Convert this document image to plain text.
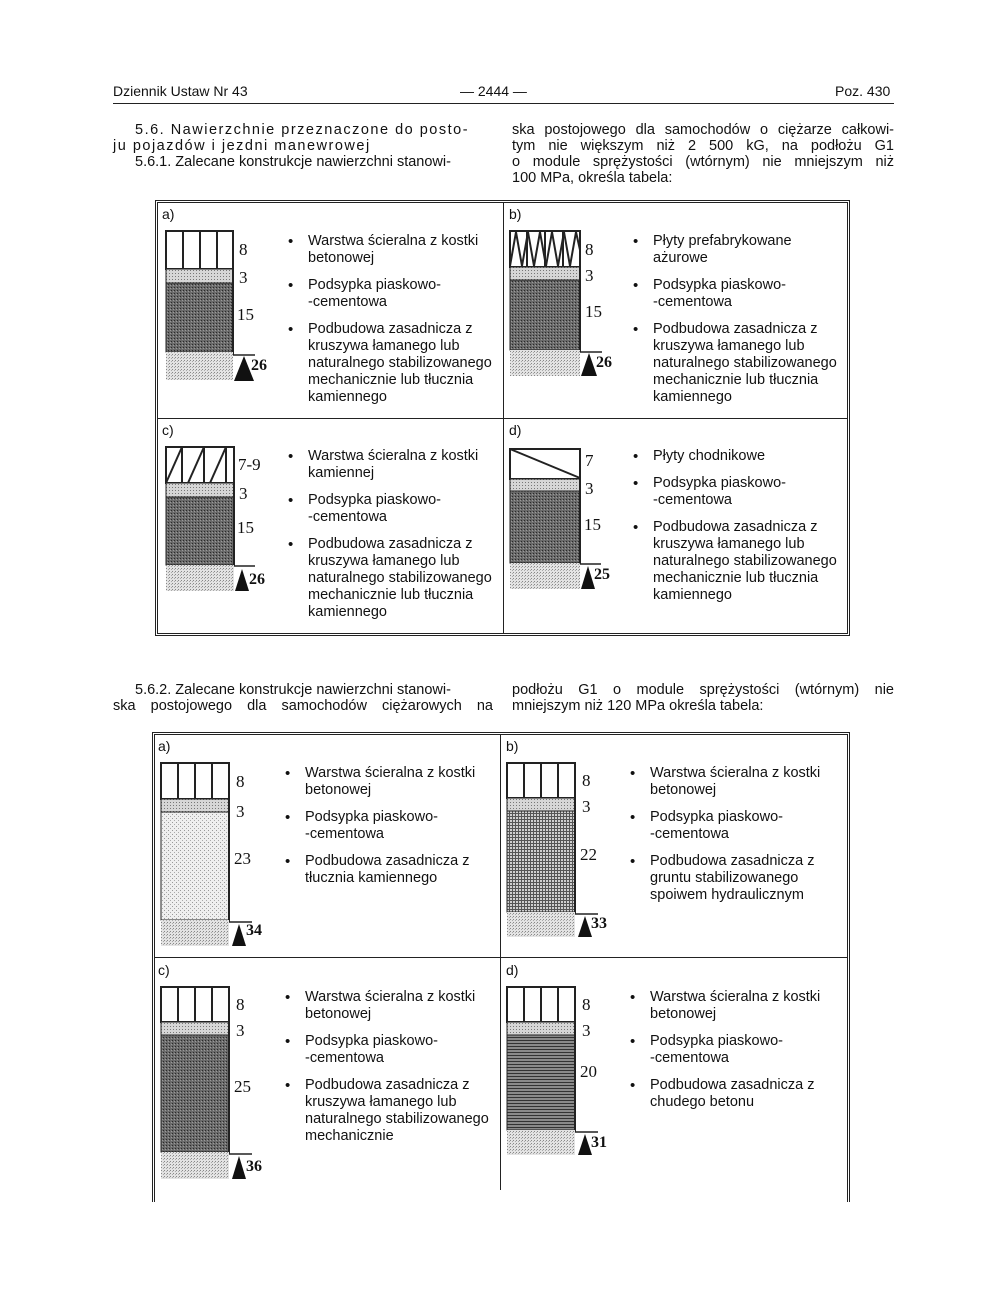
Dziennik Ustaw Nr 43	— 2444 —	Poz. 430
5.6. Nawierzchnie przeznaczone do posto-
ju pojazdów i jezdni manewrowej
5.6.1. Zalecane konstrukcje nawierzchni stanowi-
ska postojowego dla samochodów o ciężarze całkowi-
tym nie większym niż 2 500 kG, na podłożu G1
o module sprężystości (wtórnym) nie mniejszym niż
100 MPa, określa tabela:
a)	b)
c)	d)
8
3
15
26
• Warstwa ścieralna z kostki
betonowej
• Podsypka piaskowo-
-cementowa
• Podbudowa zasadnicza z
kruszywa łamanego lub
naturalnego stabilizowanego
mechanicznie lub tłucznia
kamiennego
8
3
15
26
• Płyty prefabrykowane
ażurowe
• Podsypka piaskowo-
-cementowa
• Podbudowa zasadnicza z
kruszywa łamanego lub
naturalnego stabilizowanego
mechanicznie lub tłucznia
kamiennego
7-9
3
15
26
• Warstwa ścieralna z kostki
kamiennej
• Podsypka piaskowo-
-cementowa
• Podbudowa zasadnicza z
kruszywa łamanego lub
naturalnego stabilizowanego
mechanicznie lub tłucznia
kamiennego
7
3
15
25
• Płyty chodnikowe
• Podsypka piaskowo-
-cementowa
• Podbudowa zasadnicza z
kruszywa łamanego lub
naturalnego stabilizowanego
mechanicznie lub tłucznia
kamiennego
5.6.2. Zalecane konstrukcje nawierzchni stanowi-
ska postojowego dla samochodów ciężarowych na
podłożu G1 o module sprężystości (wtórnym) nie
mniejszym niż 120 MPa określa tabela:
a)	b)
c)	d)
8
3
23
34
• Warstwa ścieralna z kostki
betonowej
• Podsypka piaskowo-
-cementowa
• Podbudowa zasadnicza z
tłucznia kamiennego
8
3
22
33
• Warstwa ścieralna z kostki
betonowej
• Podsypka piaskowo-
-cementowa
• Podbudowa zasadnicza z
gruntu stabilizowanego
spoiwem hydraulicznym
8
3
25
36
• Warstwa ścieralna z kostki
betonowej
• Podsypka piaskowo-
-cementowa
• Podbudowa zasadnicza z
kruszywa łamanego lub
naturalnego stabilizowanego
mechanicznie
8
3
20
31
• Warstwa ścieralna z kostki
betonowej
• Podsypka piaskowo-
-cementowa
• Podbudowa zasadnicza z
chudego betonu
